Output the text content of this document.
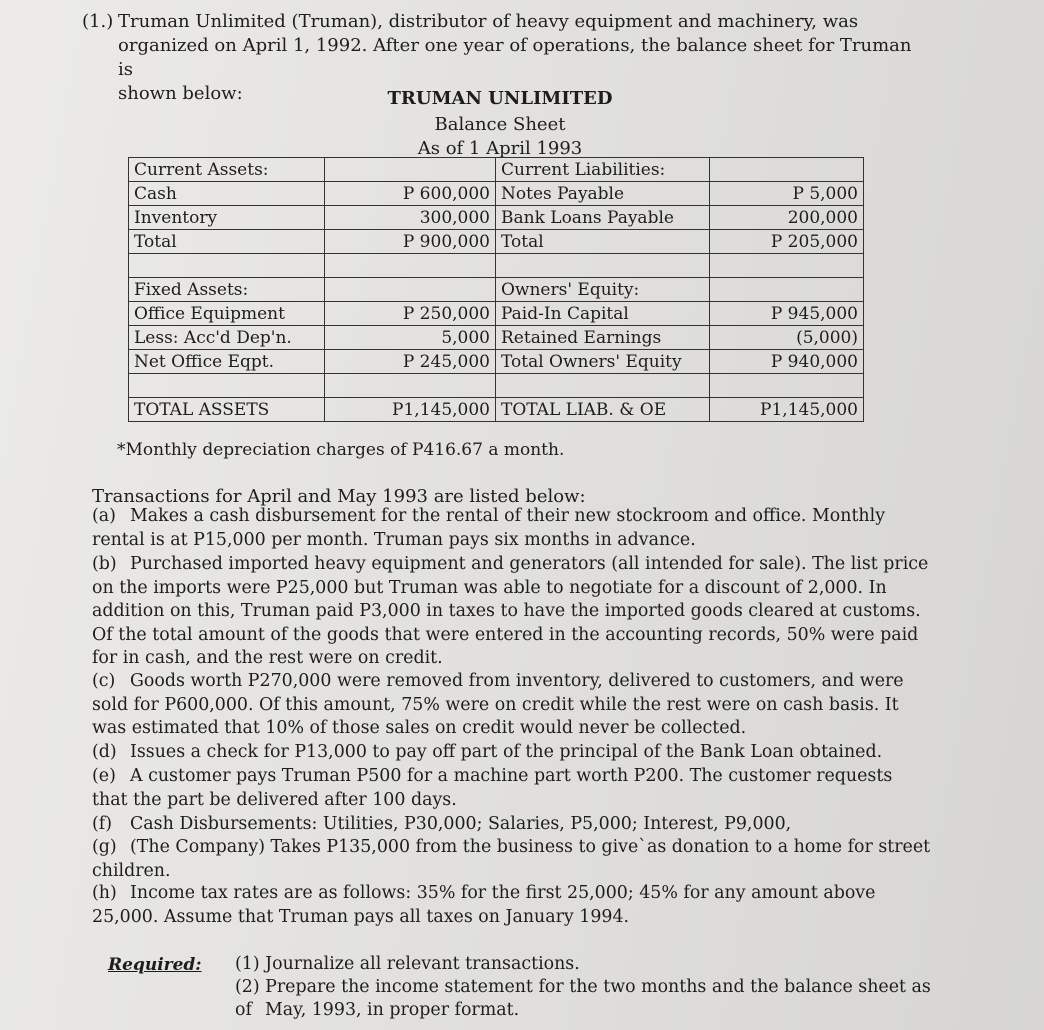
(1.) Truman Unlimited (Truman), distributor of heavy equipment and machinery, was
organized on April 1, 1992. After one year of operations, the balance sheet for Truman is
shown below:	TRUMAN UNLIMITED
Balance Sheet
As of 1 April 1993
Current Assets:		Current Liabilities:	
Cash	P 600,000	Notes Payable	P 5,000
Inventory	300,000	Bank Loans Payable	200,000
Total	P 900,000	Total	P 205,000

Fixed Assets:		Owners' Equity:	
Office Equipment	P 250,000	Paid-In Capital	P 945,000
Less: Acc'd Dep'n.	5,000	Retained Earnings	(5,000)
Net Office Eqpt.	P 245,000	Total Owners' Equity	P 940,000

TOTAL ASSETS	P1,145,000	TOTAL LIAB. & OE	P1,145,000
*Monthly depreciation charges of P416.67 a month.
Transactions for April and May 1993 are listed below:
(a) Makes a cash disbursement for the rental of their new stockroom and office. Monthly rental is at P15,000 per month. Truman pays six months in advance.
(b) Purchased imported heavy equipment and generators (all intended for sale). The list price on the imports were P25,000 but Truman was able to negotiate for a discount of 2,000. In addition on this, Truman paid P3,000 in taxes to have the imported goods cleared at customs. Of the total amount of the goods that were entered in the accounting records, 50% were paid for in cash, and the rest were on credit.
(c) Goods worth P270,000 were removed from inventory, delivered to customers, and were sold for P600,000. Of this amount, 75% were on credit while the rest were on cash basis. It was estimated that 10% of those sales on credit would never be collected.
(d) Issues a check for P13,000 to pay off part of the principal of the Bank Loan obtained.
(e) A customer pays Truman P500 for a machine part worth P200. The customer requests that the part be delivered after 100 days.
(f) Cash Disbursements: Utilities, P30,000; Salaries, P5,000; Interest, P9,000,
(g) (The Company) Takes P135,000 from the business to give`as donation to a home for street children.
(h) Income tax rates are as follows: 35% for the first 25,000; 45% for any amount above 25,000. Assume that Truman pays all taxes on January 1994.
Required: (1) Journalize all relevant transactions.
(2) Prepare the income statement for the two months and the balance sheet as of May, 1993, in proper format.
